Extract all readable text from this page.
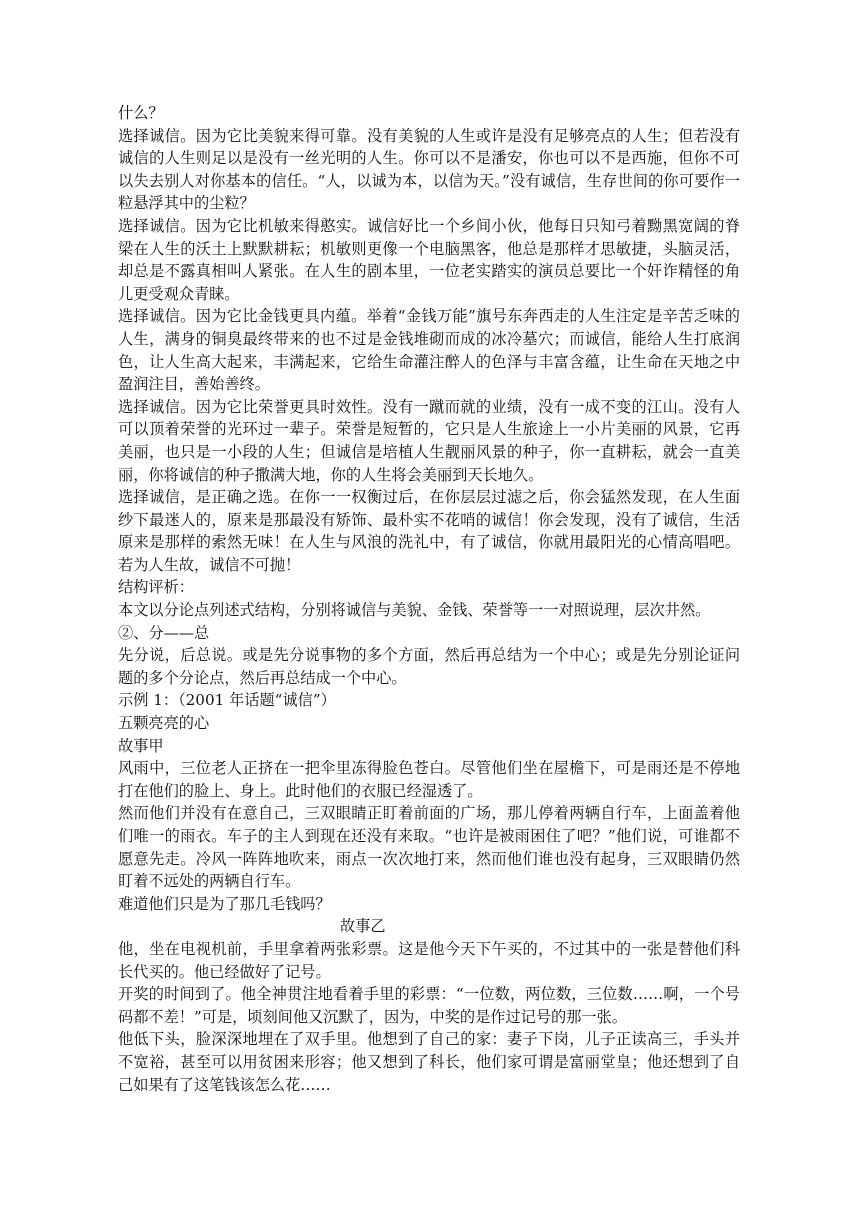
什么？

选择诚信。因为它比美貌来得可靠。没有美貌的人生或许是没有足够亮点的人生；但若没有诚信的人生则足以是没有一丝光明的人生。你可以不是潘安，你也可以不是西施，但你不可以失去别人对你基本的信任。“人，以诚为本，以信为天。”没有诚信，生存世间的你可要作一粒悬浮其中的尘粒？

选择诚信。因为它比机敏来得憨实。诚信好比一个乡间小伙，他每日只知弓着黝黑宽阔的脊梁在人生的沃土上默默耕耘；机敏则更像一个电脑黑客，他总是那样才思敏捷，头脑灵活，却总是不露真相叫人紧张。在人生的剧本里，一位老实踏实的演员总要比一个奸诈精怪的角儿更受观众青睐。

选择诚信。因为它比金钱更具内蕴。举着“金钱万能”旗号东奔西走的人生注定是辛苦乏味的人生，满身的铜臭最终带来的也不过是金钱堆砌而成的冰冷墓穴；而诚信，能给人生打底润色，让人生高大起来，丰满起来，它给生命灌注醉人的色泽与丰富含蕴，让生命在天地之中盈润注目，善始善终。

选择诚信。因为它比荣誉更具时效性。没有一蹴而就的业绩，没有一成不变的江山。没有人可以顶着荣誉的光环过一辈子。荣誉是短暂的，它只是人生旅途上一小片美丽的风景，它再美丽，也只是一小段的人生；但诚信是培植人生靓丽风景的种子，你一直耕耘，就会一直美丽，你将诚信的种子撒满大地，你的人生将会美丽到天长地久。

选择诚信，是正确之选。在你一一权衡过后，在你层层过滤之后，你会猛然发现，在人生面纱下最迷人的，原来是那最没有矫饰、最朴实不花哨的诚信！你会发现，没有了诚信，生活原来是那样的索然无味！在人生与风浪的洗礼中，有了诚信，你就用最阳光的心情高唱吧。若为人生故，诚信不可抛！

结构评析：

本文以分论点列述式结构，分别将诚信与美貌、金钱、荣誉等一一对照说理，层次井然。

②、分——总

先分说，后总说。或是先分说事物的多个方面，然后再总结为一个中心；或是先分别论证问题的多个分论点，然后再总结成一个中心。

示例 1：（2001 年话题“诚信”）

五颗亮亮的心

故事甲

风雨中，三位老人正挤在一把伞里冻得脸色苍白。尽管他们坐在屋檐下，可是雨还是不停地打在他们的脸上、身上。此时他们的衣服已经湿透了。

然而他们并没有在意自己，三双眼睛正盯着前面的广场，那儿停着两辆自行车，上面盖着他们唯一的雨衣。车子的主人到现在还没有来取。“也许是被雨困住了吧？”他们说，可谁都不愿意先走。冷风一阵阵地吹来，雨点一次次地打来，然而他们谁也没有起身，三双眼睛仍然盯着不远处的两辆自行车。

难道他们只是为了那几毛钱吗？

故事乙

他，坐在电视机前，手里拿着两张彩票。这是他今天下午买的，不过其中的一张是替他们科长代买的。他已经做好了记号。

开奖的时间到了。他全神贯注地看着手里的彩票：“一位数，两位数，三位数……啊，一个号码都不差！”可是，顷刻间他又沉默了，因为，中奖的是作过记号的那一张。

他低下头，脸深深地埋在了双手里。他想到了自己的家：妻子下岗，儿子正读高三，手头并不宽裕，甚至可以用贫困来形容；他又想到了科长，他们家可谓是富丽堂皇；他还想到了自己如果有了这笔钱该怎么花……
